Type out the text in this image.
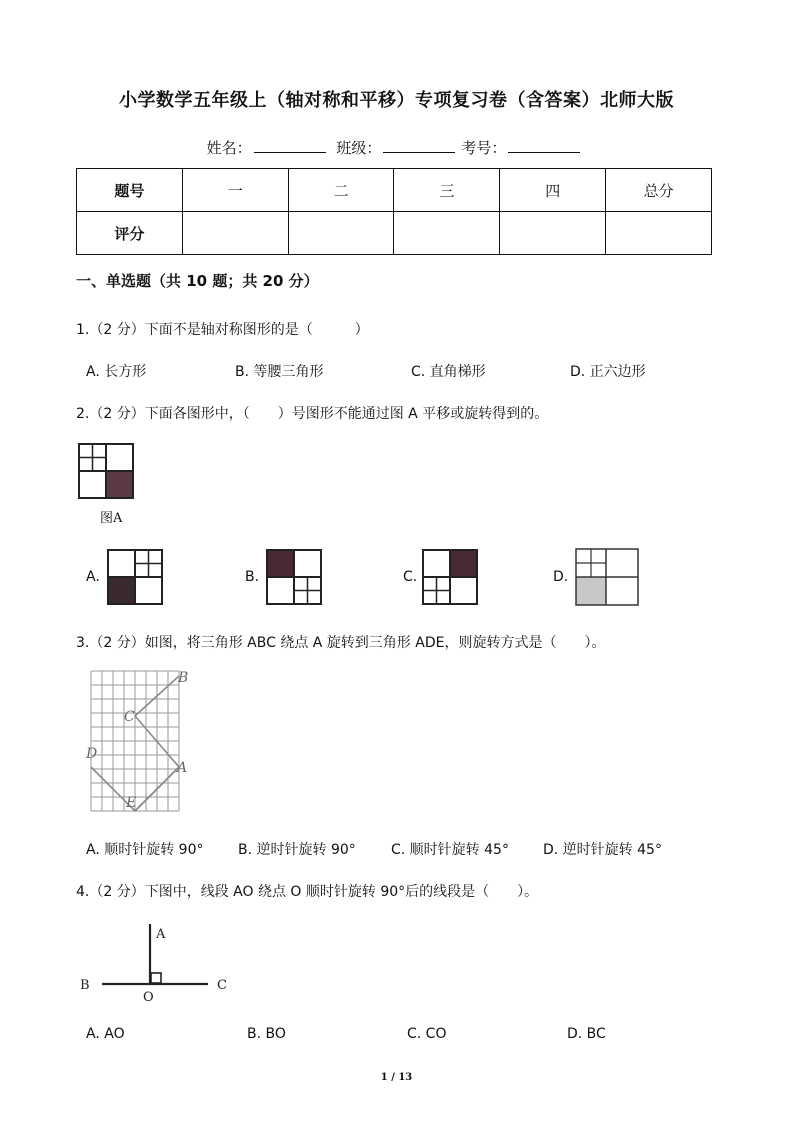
小学数学五年级上（轴对称和平移）专项复习卷（含答案）北师大版
姓名：	班级：	考号：
题号	一	二	三	四	总分
评分					
一、单选题（共 10 题；共 20 分）
1.（2 分）下面不是轴对称图形的是（　　　）
A. 长方形	B. 等腰三角形	C. 直角梯形	D. 正六边形
2.（2 分）下面各图形中，（　　）号图形不能通过图 A 平移或旋转得到的。
图A
A.	B.	C.	D.
3.（2 分）如图，将三角形 ABC 绕点 A 旋转到三角形 ADE，则旋转方式是（　　）。
B
C
D
A
E
A. 顺时针旋转 90° B. 逆时针旋转 90°	C. 顺时针旋转 45° D. 逆时针旋转 45°
4.（2 分）下图中，线段 AO 绕点 O 顺时针旋转 90°后的线段是（　　）。
A
B
O
C
A. AO	B. BO	C. CO	D. BC
1 / 13
